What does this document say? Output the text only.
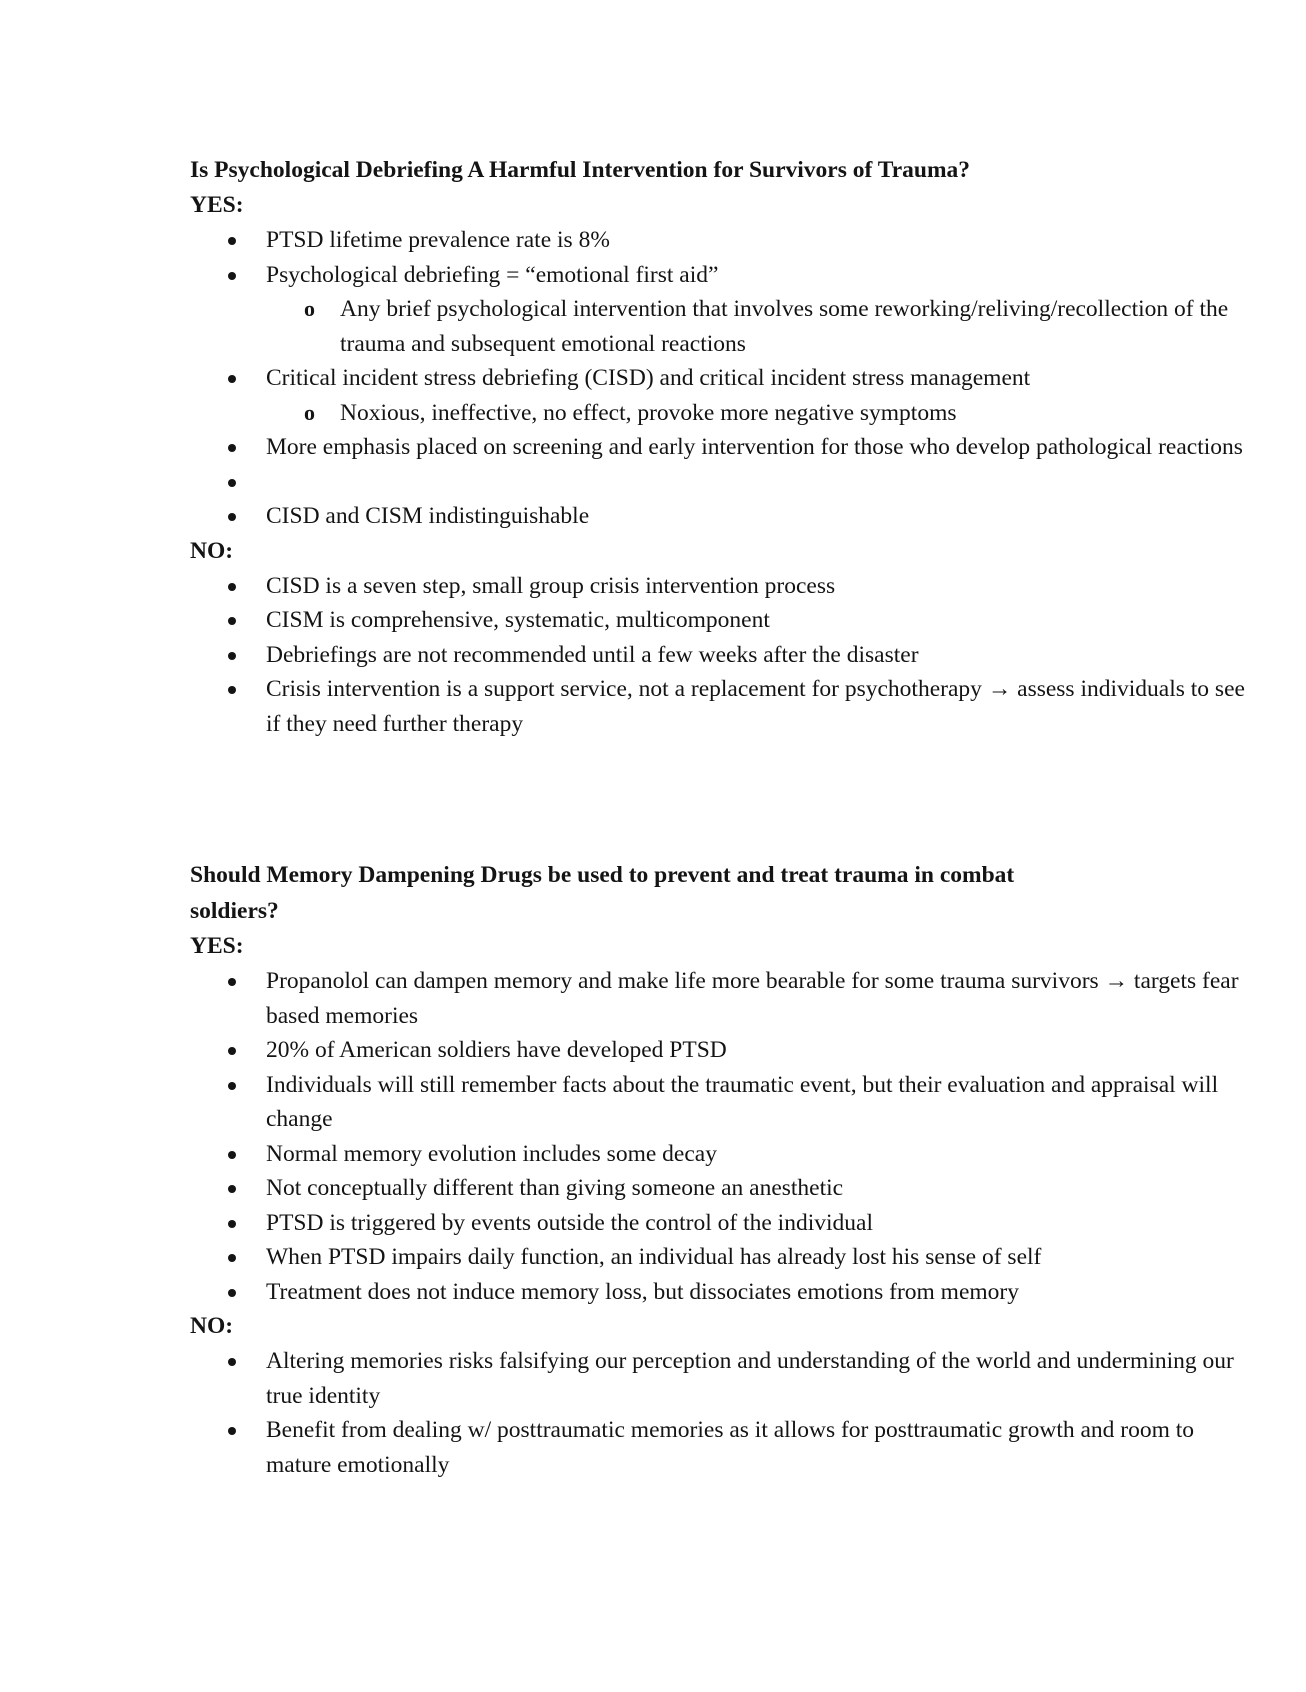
Is Psychological Debriefing A Harmful Intervention for Survivors of Trauma?

YES:

PTSD lifetime prevalence rate is 8%
Psychological debriefing = “emotional first aid”
o Any brief psychological intervention that involves some reworking/reliving/recollection of the trauma and subsequent emotional reactions
Critical incident stress debriefing (CISD) and critical incident stress management
o Noxious, ineffective, no effect, provoke more negative symptoms
More emphasis placed on screening and early intervention for those who develop pathological reactions
CISD and CISM indistinguishable

NO:

CISD is a seven step, small group crisis intervention process
CISM is comprehensive, systematic, multicomponent
Debriefings are not recommended until a few weeks after the disaster
Crisis intervention is a support service, not a replacement for psychotherapy → assess individuals to see if they need further therapy

Should Memory Dampening Drugs be used to prevent and treat trauma in combat soldiers?

YES:

Propanolol can dampen memory and make life more bearable for some trauma survivors → targets fear based memories
20% of American soldiers have developed PTSD
Individuals will still remember facts about the traumatic event, but their evaluation and appraisal will change
Normal memory evolution includes some decay
Not conceptually different than giving someone an anesthetic
PTSD is triggered by events outside the control of the individual
When PTSD impairs daily function, an individual has already lost his sense of self
Treatment does not induce memory loss, but dissociates emotions from memory

NO:

Altering memories risks falsifying our perception and understanding of the world and undermining our true identity
Benefit from dealing w/ posttraumatic memories as it allows for posttraumatic growth and room to mature emotionally
